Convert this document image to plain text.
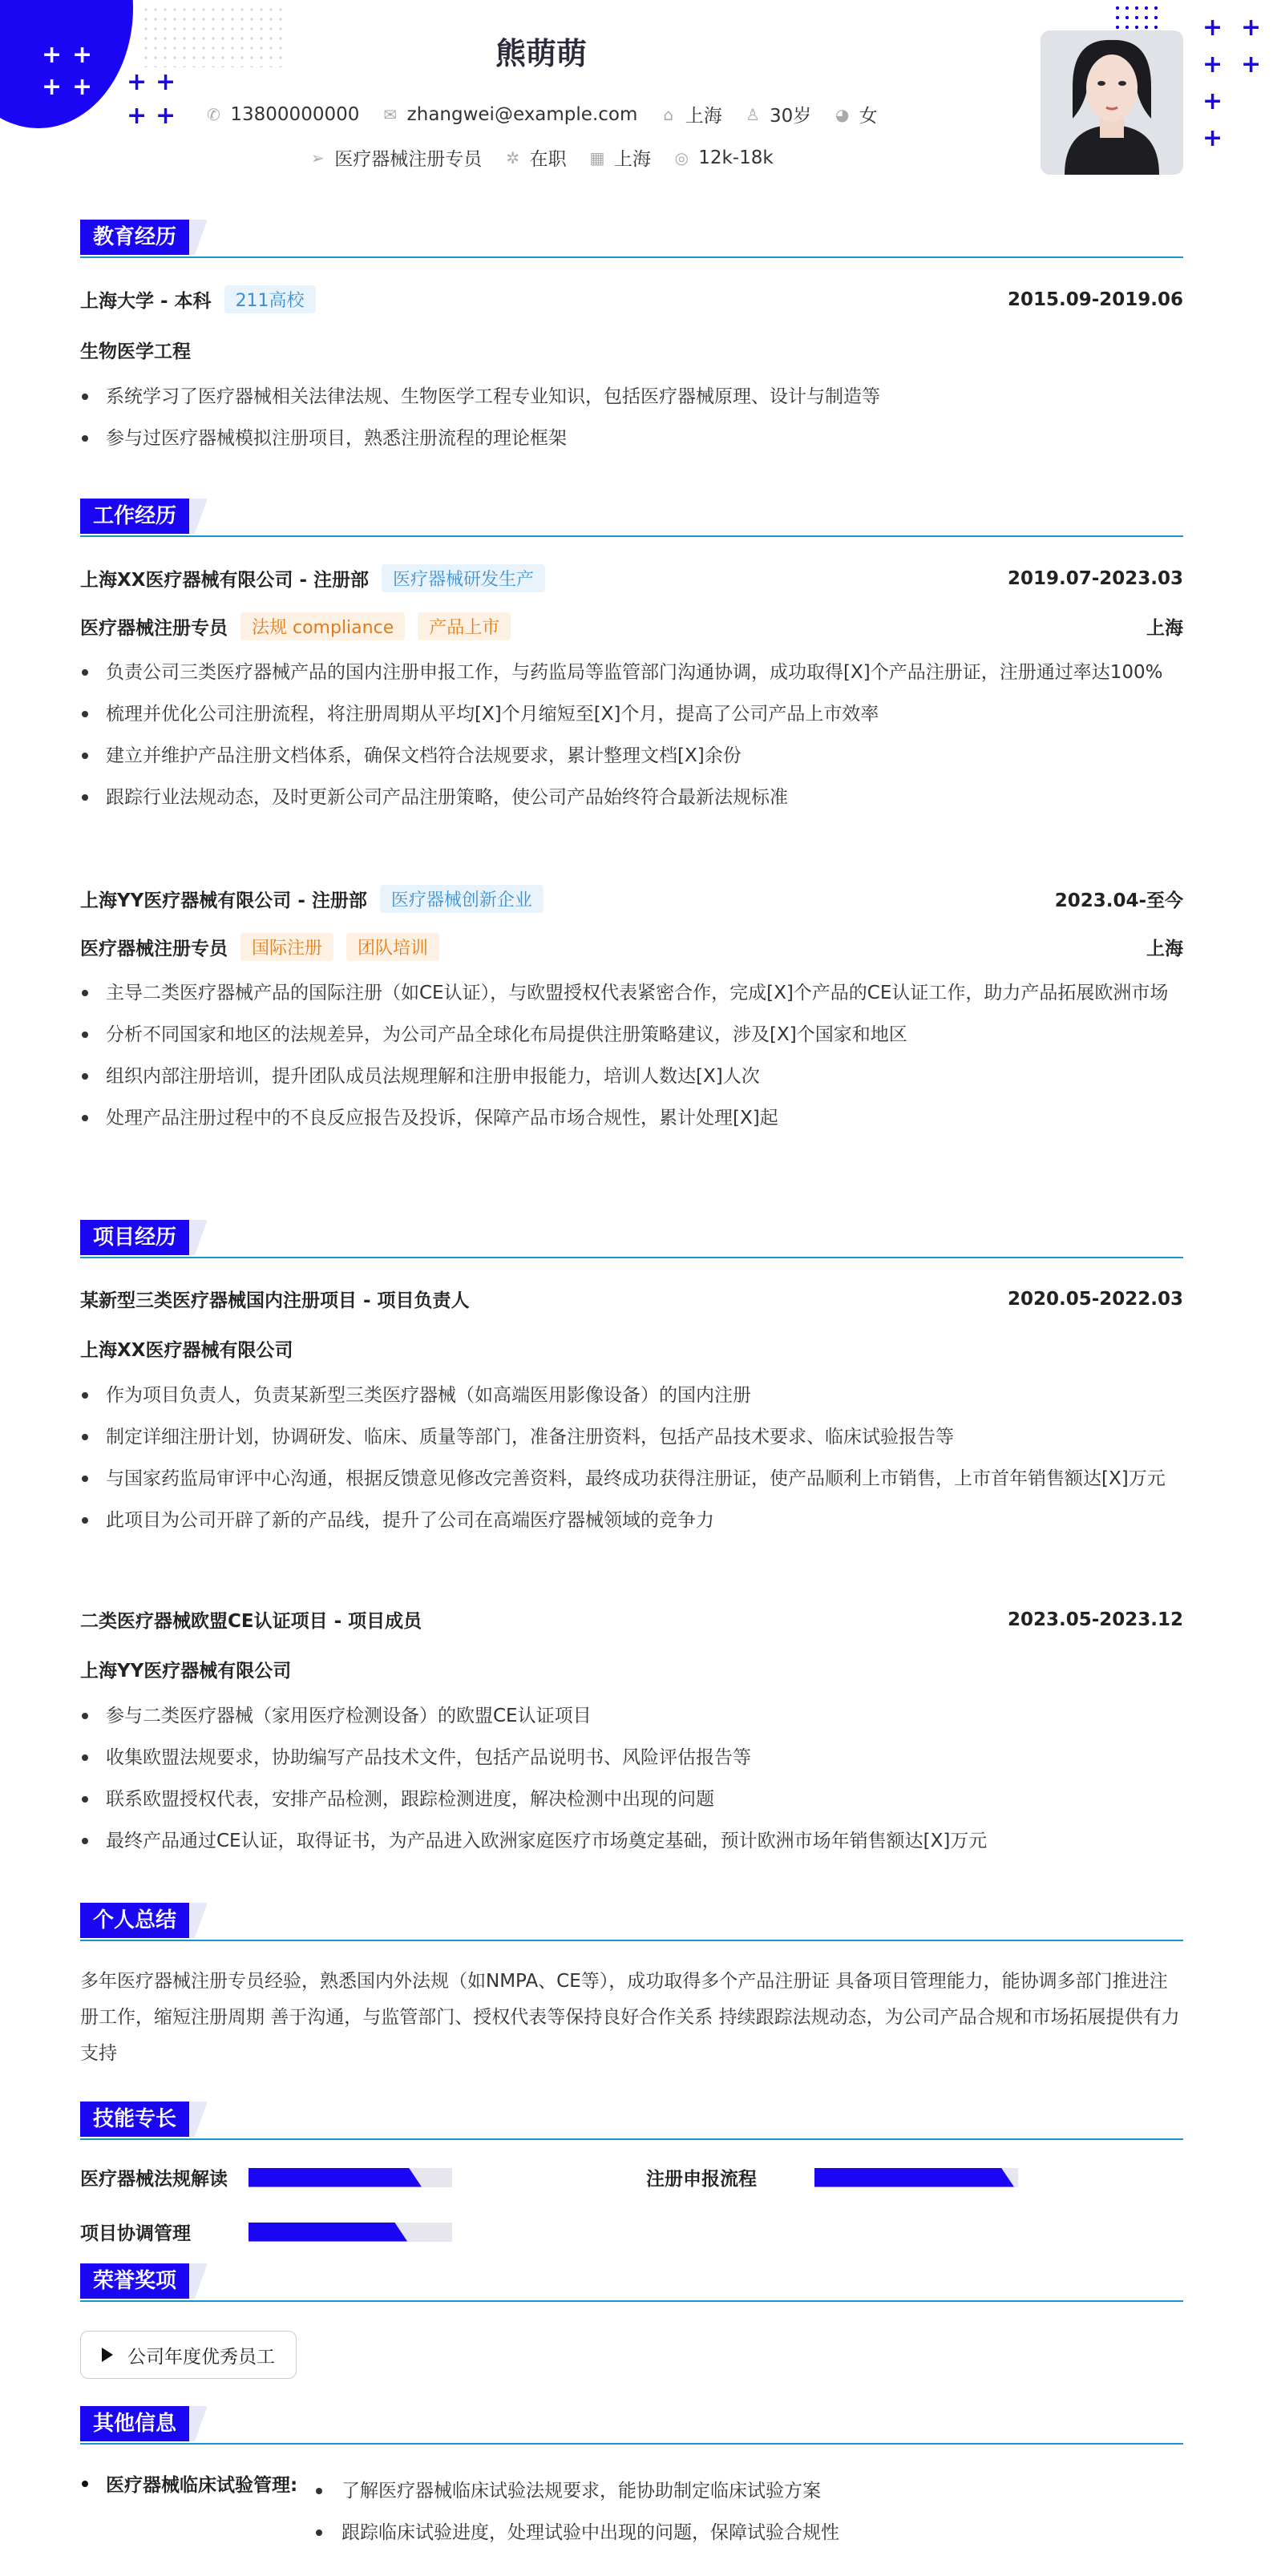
+ +
+ + + +
+ +
+ +
+ +
+
+
熊萌萌
✆ 13800000000
✉ zhangwei@example.com
⌂ 上海
♙ 30岁
◕ 女
➢ 医疗器械注册专员
✲ 在职
▦ 上海
◎ 12k-18k
教育经历
上海大学 - 本科	211高校	2015.09-2019.06
生物医学工程
系统学习了医疗器械相关法律法规、生物医学工程专业知识，包括医疗器械原理、设计与制造等
参与过医疗器械模拟注册项目，熟悉注册流程的理论框架
工作经历
上海XX医疗器械有限公司 - 注册部	医疗器械研发生产	2019.07-2023.03
医疗器械注册专员	法规 compliance	产品上市	上海
负责公司三类医疗器械产品的国内注册申报工作，与药监局等监管部门沟通协调，成功取得[X]个产品注册证，注册通过率达100%
梳理并优化公司注册流程，将注册周期从平均[X]个月缩短至[X]个月，提高了公司产品上市效率
建立并维护产品注册文档体系，确保文档符合法规要求，累计整理文档[X]余份
跟踪行业法规动态，及时更新公司产品注册策略，使公司产品始终符合最新法规标准
上海YY医疗器械有限公司 - 注册部	医疗器械创新企业	2023.04-至今
医疗器械注册专员	国际注册	团队培训	上海
主导二类医疗器械产品的国际注册（如CE认证），与欧盟授权代表紧密合作，完成[X]个产品的CE认证工作，助力产品拓展欧洲市场
分析不同国家和地区的法规差异，为公司产品全球化布局提供注册策略建议，涉及[X]个国家和地区
组织内部注册培训，提升团队成员法规理解和注册申报能力，培训人数达[X]人次
处理产品注册过程中的不良反应报告及投诉，保障产品市场合规性，累计处理[X]起
项目经历
某新型三类医疗器械国内注册项目 - 项目负责人	2020.05-2022.03
上海XX医疗器械有限公司
作为项目负责人，负责某新型三类医疗器械（如高端医用影像设备）的国内注册
制定详细注册计划，协调研发、临床、质量等部门，准备注册资料，包括产品技术要求、临床试验报告等
与国家药监局审评中心沟通，根据反馈意见修改完善资料，最终成功获得注册证，使产品顺利上市销售，上市首年销售额达[X]万元
此项目为公司开辟了新的产品线，提升了公司在高端医疗器械领域的竞争力
二类医疗器械欧盟CE认证项目 - 项目成员	2023.05-2023.12
上海YY医疗器械有限公司
参与二类医疗器械（家用医疗检测设备）的欧盟CE认证项目
收集欧盟法规要求，协助编写产品技术文件，包括产品说明书、风险评估报告等
联系欧盟授权代表，安排产品检测，跟踪检测进度，解决检测中出现的问题
最终产品通过CE认证，取得证书，为产品进入欧洲家庭医疗市场奠定基础，预计欧洲市场年销售额达[X]万元
个人总结
多年医疗器械注册专员经验，熟悉国内外法规（如NMPA、CE等），成功取得多个产品注册证 具备项目管理能力，能协调多部门推进注册工作，缩短注册周期 善于沟通，与监管部门、授权代表等保持良好合作关系 持续跟踪法规动态，为公司产品合规和市场拓展提供有力支持
技能专长
医疗器械法规解读	注册申报流程
项目协调管理
荣誉奖项
公司年度优秀员工
其他信息
医疗器械临床试验管理:	了解医疗器械临床试验法规要求，能协助制定临床试验方案
跟踪临床试验进度，处理试验中出现的问题，保障试验合规性
